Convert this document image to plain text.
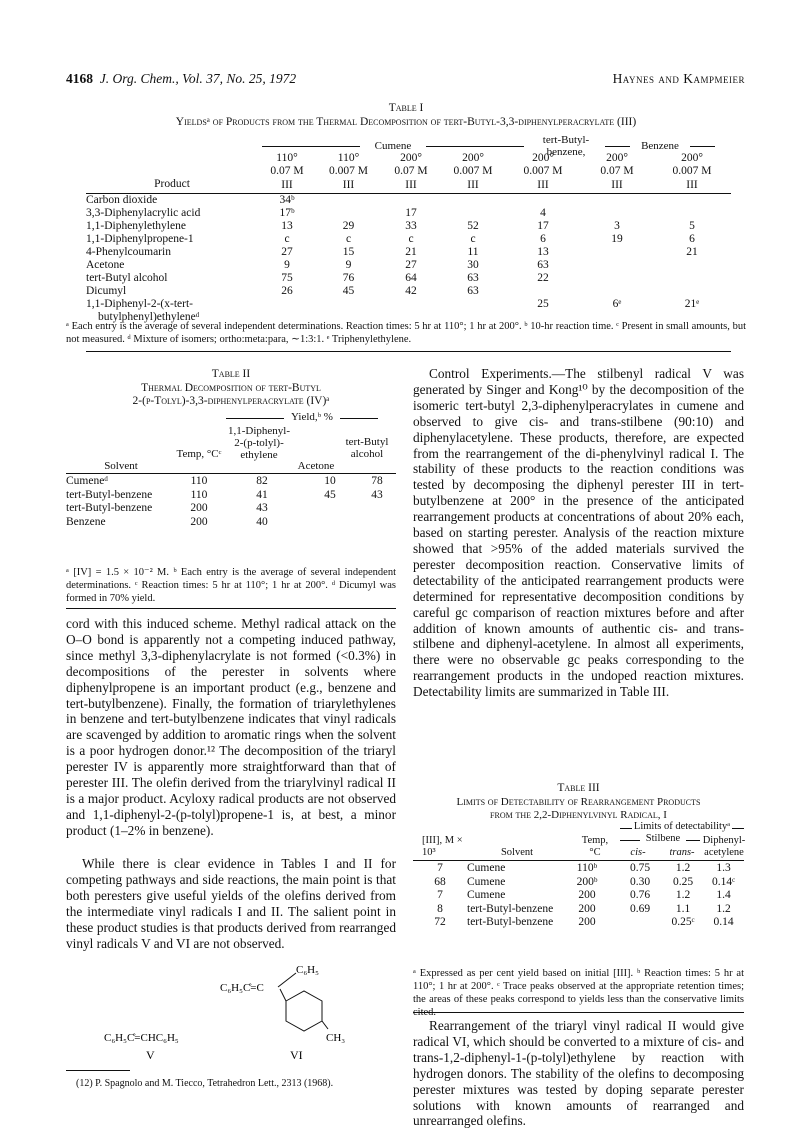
4168 J. Org. Chem., Vol. 37, No. 25, 1972	Haynes and Kampmeier
Table I
Yieldsᵃ of Products from the Thermal Decomposition of tert-Butyl-3,3-diphenylperacrylate (III)
tert-Butyl- benzene,
Cumene	Benzene
	110°	110°	200°	200°	200°	200°	200°
	0.07 M	0.007 M	0.07 M	0.007 M	0.007 M	0.07 M	0.007 M
Product	III	III	III	III	III	III	III
Carbon dioxide	34ᵇ						
3,3-Diphenylacrylic acid	17ᵇ		17		4		
1,1-Diphenylethylene	13	29	33	52	17	3	5
1,1-Diphenylpropene-1	c	c	c	c	6	19	6
4-Phenylcoumarin	27	15	21	11	13		21
Acetone	9	9	27	30	63		
tert-Butyl alcohol	75	76	64	63	22		
Dicumyl	26	45	42	63			
1,1-Diphenyl-2-(x-tert-					25	6ᵉ	21ᵉ
butylphenyl)ethyleneᵈ							
ᵃ Each entry is the average of several independent determinations. Reaction times: 5 hr at 110°; 1 hr at 200°. ᵇ 10-hr reaction time. ᶜ Present in small amounts, but not measured. ᵈ Mixture of isomers; ortho:meta:para, ∼1:3:1. ᵉ Triphenylethylene.
Table II
Thermal Decomposition of tert-Butyl
2-(p-Tolyl)-3,3-diphenylperacrylate (IV)ᵃ
Yield,ᵇ %
1,1-Diphenyl-2-(p-tolyl)-ethylene
Temp, °Cᶜ
Solvent	Acetone
tert-Butyl alcohol
Cumeneᵈ	110	82	10	78
tert-Butyl-benzene	110	41	45	43
tert-Butyl-benzene	200	43		
Benzene	200	40		
ᵃ [IV] = 1.5 × 10⁻² M. ᵇ Each entry is the average of several independent determinations. ᶜ Reaction times: 5 hr at 110°; 1 hr at 200°. ᵈ Dicumyl was formed in 70% yield.
cord with this induced scheme. Methyl radical attack on the O–O bond is apparently not a competing induced pathway, since methyl 3,3-diphenylacrylate is not formed (<0.3%) in decompositions of the perester in solvents where diphenylpropene is an important product (e.g., benzene and tert-butylbenzene). Finally, the formation of triarylethylenes in benzene and tert-butylbenzene indicates that vinyl radicals are scavenged by addition to aromatic rings when the solvent is a poor hydrogen donor.¹² The decomposition of the triaryl perester IV is apparently more straightforward than that of perester III. The olefin derived from the triarylvinyl radical II is a major product. Acyloxy radical products are not observed and 1,1-diphenyl-2-(p-tolyl)propene-1 is, at best, a minor product (1–2% in benzene).
While there is clear evidence in Tables I and II for competing pathways and side reactions, the main point is that both peresters give useful yields of the olefins derived from the intermediate vinyl radicals I and II. The salient point in these product studies is that products derived from rearranged vinyl radicals V and VI are not observed.
C₆H₅C̊=C
C₆H₅
CH₃
C₆H₅C̊=CHC₆H₅
V	VI
(12) P. Spagnolo and M. Tiecco, Tetrahedron Lett., 2313 (1968).
Control Experiments.—The stilbenyl radical V was generated by Singer and Kong¹⁰ by the decomposition of the isomeric tert-butyl 2,3-diphenylperacrylates in cumene and observed to give cis- and trans-stilbene (90:10) and diphenylacetylene. These products, therefore, are expected from the rearrangement of the di-phenylvinyl radical I. The stability of these products to the reaction conditions was tested by decomposing the diphenyl perester III in tert-butylbenzene at 200° in the presence of the anticipated rearrangement products at concentrations of about 20% each, based on starting perester. Analysis of the reaction mixture showed that >95% of the added materials survived the perester decomposition reaction. Conservative limits of detectability of the anticipated rearrangement products were determined for representative decomposition conditions by careful gc comparison of reaction mixtures before and after addition of known amounts of authentic cis- and trans-stilbene and diphenyl-acetylene. In almost all experiments, there were no observable gc peaks corresponding to the rearrangement products in the undoped reaction mixtures. Detectability limits are summarized in Table III.
Table III
Limits of Detectability of Rearrangement Products
from the 2,2-Diphenylvinyl Radical, I
Limits of detectabilityᵃ
Stilbene
[III], M × 10³	Solvent
Temp, °C	cis-	trans-
Diphenyl-acetylene
7	Cumene	110ᵇ	0.75	1.2	1.3
68	Cumene	200ᵇ	0.30	0.25	0.14ᶜ
7	Cumene	200	0.76	1.2	1.4
8	tert-Butyl-benzene	200	0.69	1.1	1.2
72	tert-Butyl-benzene	200		0.25ᶜ	0.14
ᵃ Expressed as per cent yield based on initial [III]. ᵇ Reaction times: 5 hr at 110°; 1 hr at 200°. ᶜ Trace peaks observed at the appropriate retention times; the areas of these peaks correspond to yields less than the conservative limits cited.
Rearrangement of the triaryl vinyl radical II would give radical VI, which should be converted to a mixture of cis- and trans-1,2-diphenyl-1-(p-tolyl)ethylene by reaction with hydrogen donors. The stability of the olefins to decomposing perester mixtures was tested by doping separate perester solutions with known amounts of rearranged and unrearranged olefins.
